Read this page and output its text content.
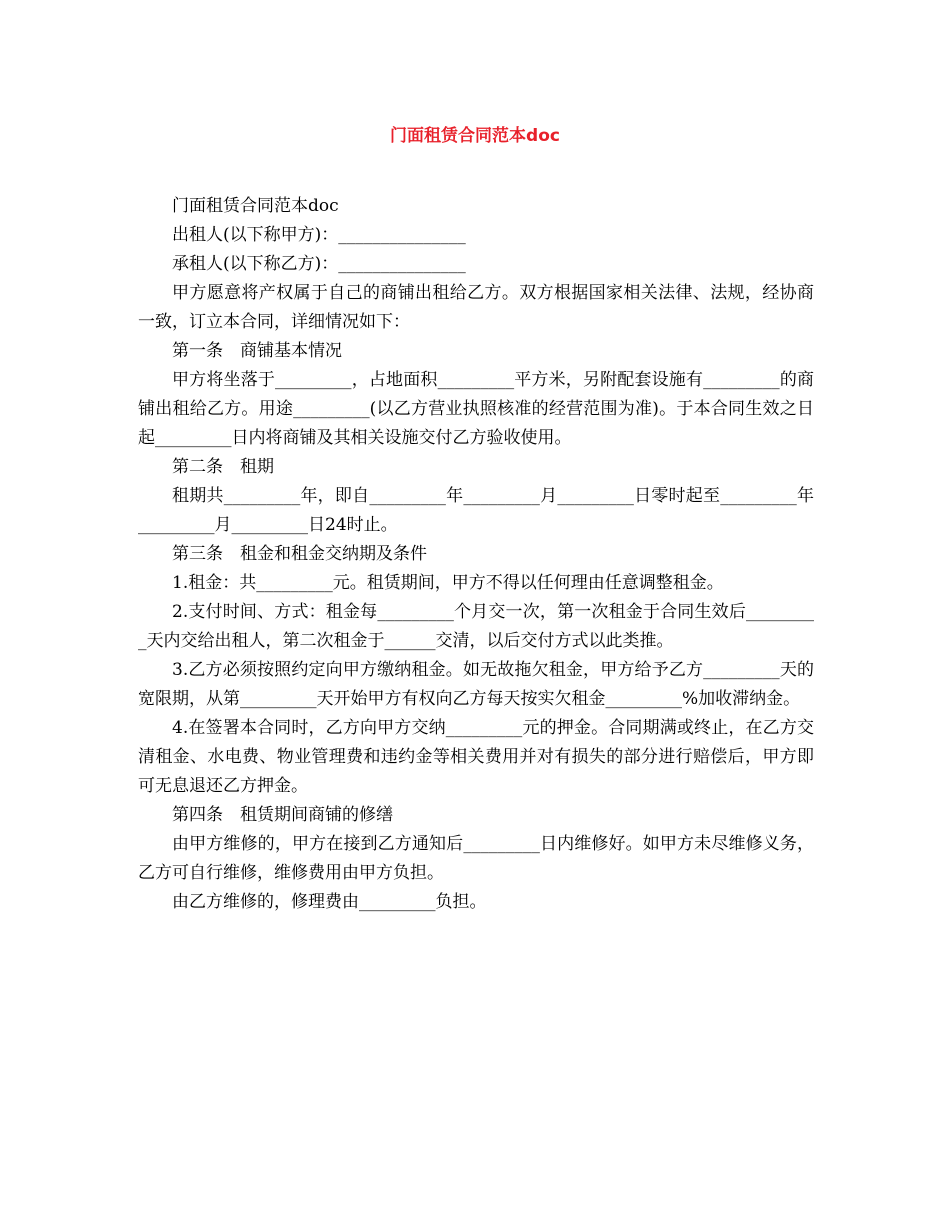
门面租赁合同范本doc

门面租赁合同范本doc

出租人(以下称甲方)：_______________

承租人(以下称乙方)：_______________

甲方愿意将产权属于自己的商铺出租给乙方。双方根据国家相关法律、法规，经协商一致，订立本合同，详细情况如下：

第一条　商铺基本情况

甲方将坐落于_________，占地面积_________平方米，另附配套设施有_________的商铺出租给乙方。用途_________(以乙方营业执照核准的经营范围为准)。于本合同生效之日起_________日内将商铺及其相关设施交付乙方验收使用。

第二条　租期

租期共_________年，即自_________年_________月_________日零时起至_________年_________月_________日24时止。

第三条　租金和租金交纳期及条件

1.租金：共_________元。租赁期间，甲方不得以任何理由任意调整租金。

2.支付时间、方式：租金每_________个月交一次，第一次租金于合同生效后_________天内交给出租人，第二次租金于______交清，以后交付方式以此类推。

3.乙方必须按照约定向甲方缴纳租金。如无故拖欠租金，甲方给予乙方_________天的宽限期，从第_________天开始甲方有权向乙方每天按实欠租金_________%加收滞纳金。

4.在签署本合同时，乙方向甲方交纳_________元的押金。合同期满或终止，在乙方交清租金、水电费、物业管理费和违约金等相关费用并对有损失的部分进行赔偿后，甲方即可无息退还乙方押金。

第四条　租赁期间商铺的修缮

由甲方维修的，甲方在接到乙方通知后_________日内维修好。如甲方未尽维修义务，乙方可自行维修，维修费用由甲方负担。

由乙方维修的，修理费由_________负担。
